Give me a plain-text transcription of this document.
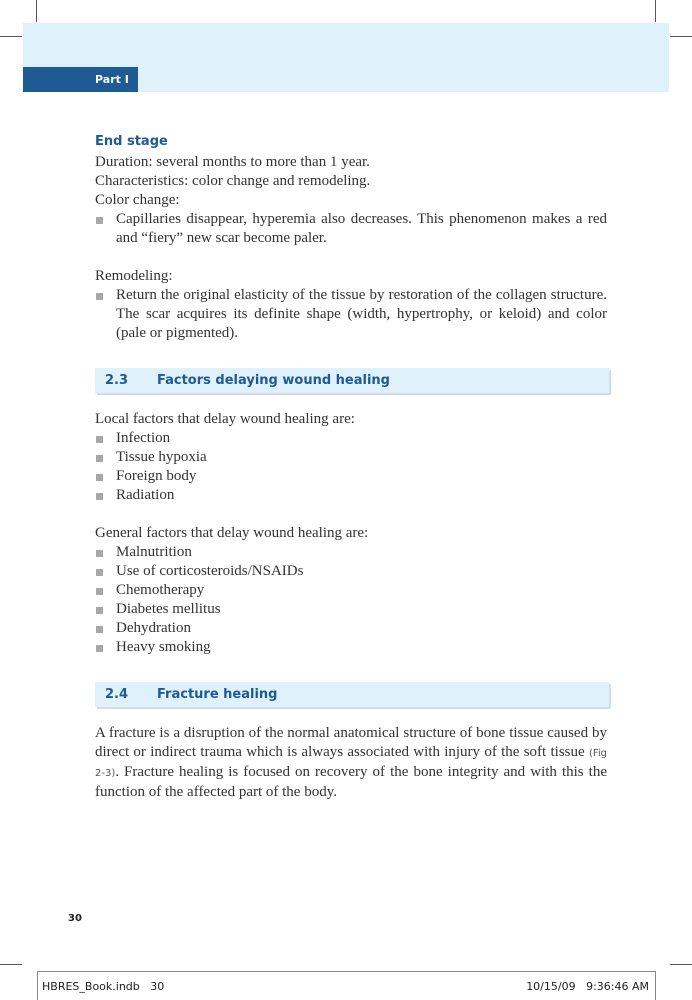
Part I
End stage

Duration: several months to more than 1 year.

Characteristics: color change and remodeling.

Color change:

Capillaries disappear, hyperemia also decreases. This phenomenon makes a red and “fiery” new scar become paler.

Remodeling:

Return the original elasticity of the tissue by restoration of the collagen structure. The scar acquires its definite shape (width, hypertrophy, or keloid) and color (pale or pigmented).
2.3 Factors delaying wound healing

Local factors that delay wound healing are:

Infection
Tissue hypoxia
Foreign body
Radiation

General factors that delay wound healing are:

Malnutrition
Use of corticosteroids/NSAIDs
Chemotherapy
Diabetes mellitus
Dehydration
Heavy smoking
2.4 Fracture healing

A fracture is a disruption of the normal anatomical structure of bone tissue caused by direct or indirect trauma which is always associated with injury of the soft tissue (Fig 2-3). Fracture healing is focused on recovery of the bone integrity and with this the function of the affected part of the body.

30
HBRES_Book.indb   30	10/15/09   9:36:46 AM
